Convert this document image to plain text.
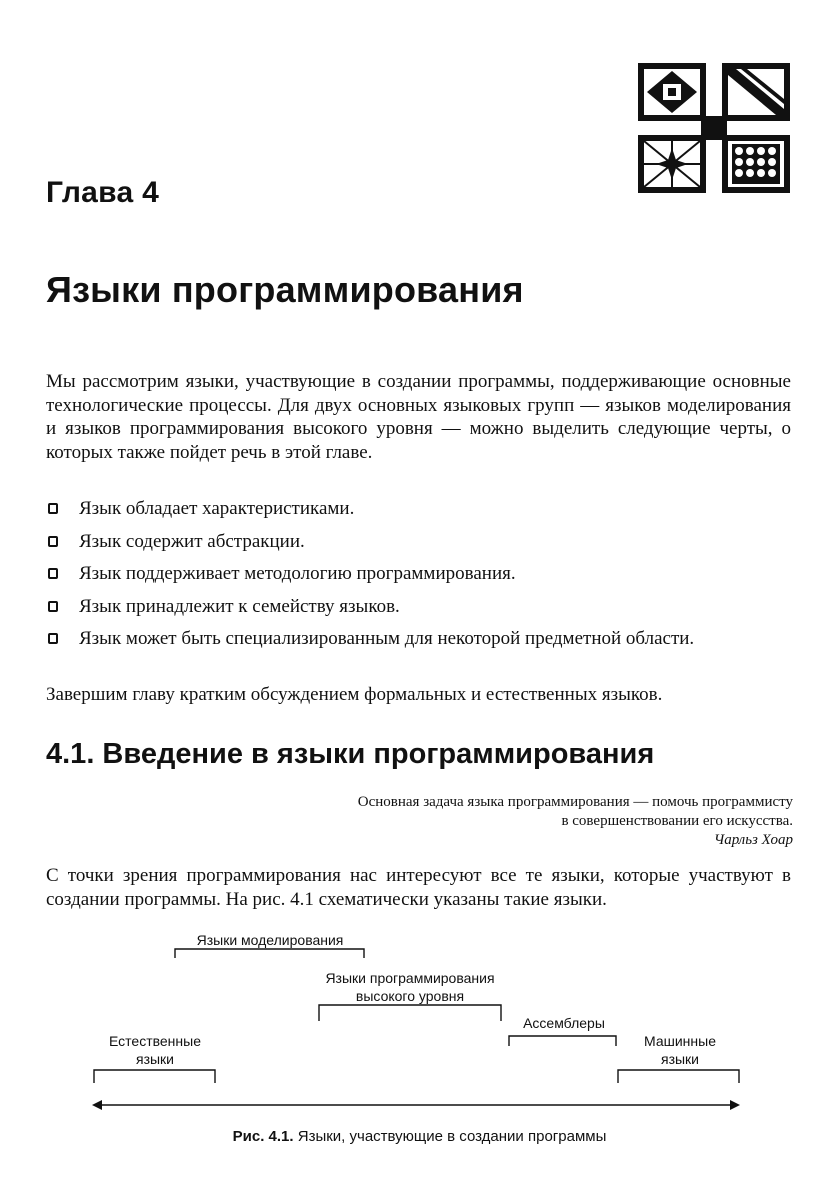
Глава 4
Языки программирования

Мы рассмотрим языки, участвующие в создании программы, поддерживающие основные технологические процессы. Для двух основных языковых групп — языков моделирования и языков программирования высокого уровня — можно выделить следующие черты, о которых также пойдет речь в этой главе.

Язык обладает характеристиками.
Язык содержит абстракции.
Язык поддерживает методологию программирования.
Язык принадлежит к семейству языков.
Язык может быть специализированным для некоторой предметной области.

Завершим главу кратким обсуждением формальных и естественных языков.

4.1. Введение в языки программирования

Основная задача языка программирования — помочь программисту
в совершенствовании его искусства.

Чарльз Хоар

С точки зрения программирования нас интересуют все те языки, которые участвуют в создании программы. На рис. 4.1 схематически указаны такие языки.

Языки моделирования
Языки программирования
высокого уровня
Ассемблеры
Естественные
языки
Машинные
языки

Рис. 4.1. Языки, участвующие в создании программы
